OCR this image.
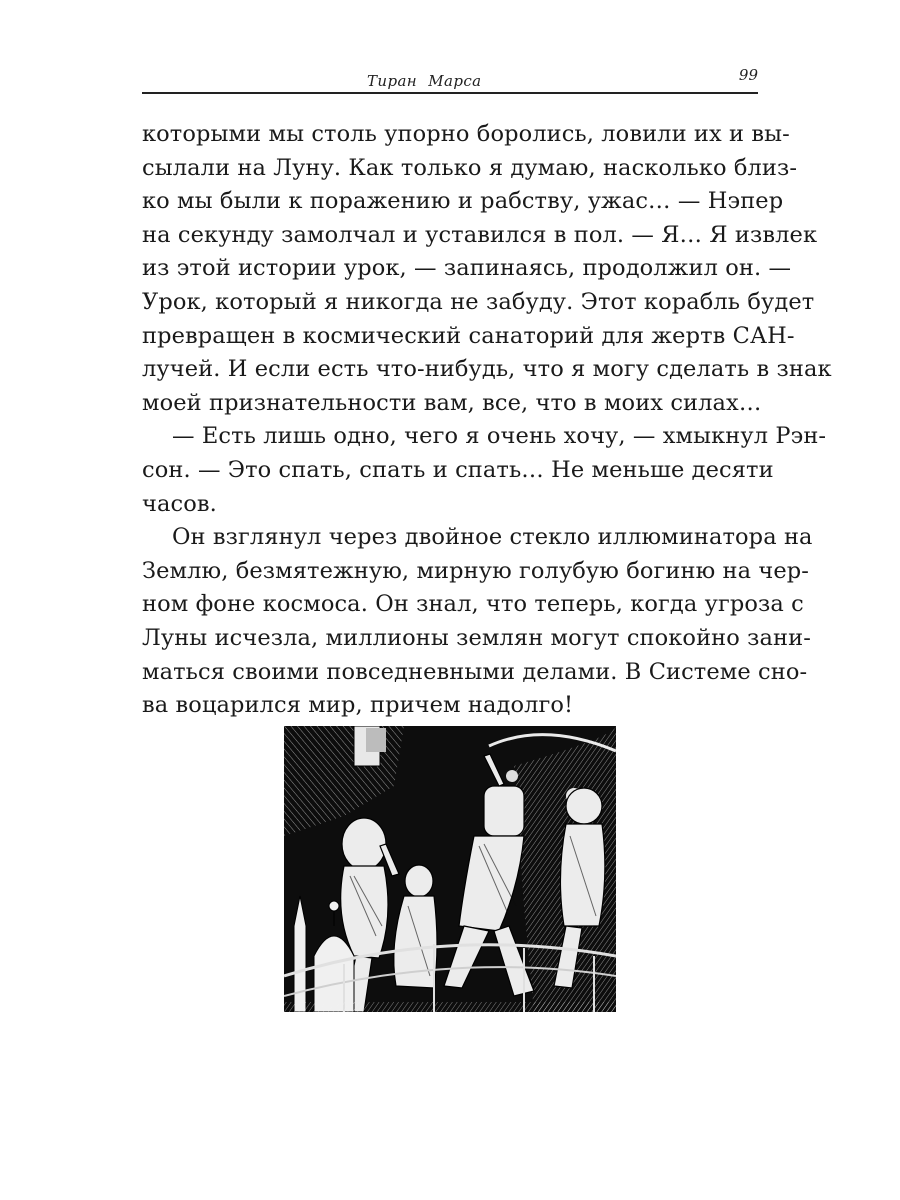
Тиран Марса	99
которыми мы столь упорно боролись, ловили их и вы-
сылали на Луну. Как только я думаю, насколько близ-
ко мы были к поражению и рабству, ужас… — Нэпер
на секунду замолчал и уставился в пол. — Я… Я извлек
из этой истории урок, — запинаясь, продолжил он. —
Урок, который я никогда не забуду. Этот корабль будет
превращен в космический санаторий для жертв САН-
лучей. И если есть что-нибудь, что я могу сделать в знак
моей признательности вам, все, что в моих силах…
— Есть лишь одно, чего я очень хочу, — хмыкнул Рэн-
сон. — Это спать, спать и спать… Не меньше десяти
часов.
Он взглянул через двойное стекло иллюминатора на
Землю, безмятежную, мирную голубую богиню на чер-
ном фоне космоса. Он знал, что теперь, когда угроза с
Луны исчезла, миллионы землян могут спокойно зани-
маться своими повседневными делами. В Системе сно-
ва воцарился мир, причем надолго!
